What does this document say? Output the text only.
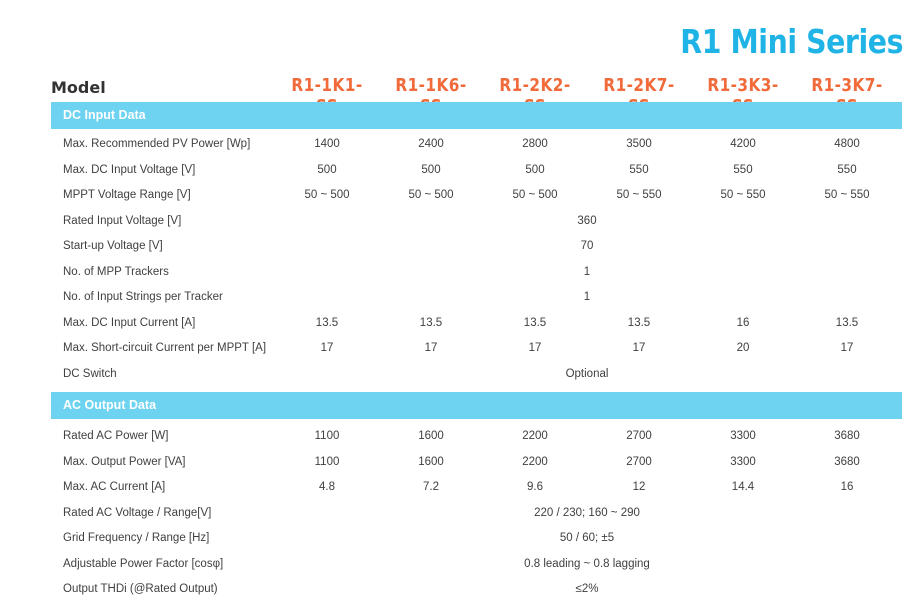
R1 Mini Series
Model	R1-1K1-	R1-1K6-	R1-2K2-	R1-2K7-	R1-3K3-	R1-3K7-
DC Input Data
Max. Recommended PV Power [Wp]	1400	2400	2800	3500	4200	4800
Max. DC Input Voltage [V]	500	500	500	550	550	550
MPPT Voltage Range [V]	50 ~ 500	50 ~ 500	50 ~ 500	50 ~ 550	50 ~ 550	50 ~ 550
Rated Input Voltage [V]	360
Start-up Voltage [V]	70
No. of MPP Trackers	1
No. of Input Strings per Tracker	1
Max. DC Input Current [A]	13.5	13.5	13.5	13.5	16	13.5
Max. Short-circuit Current per MPPT [A]	17	17	17	17	20	17
DC Switch	Optional
AC Output Data
Rated AC Power [W]	1100	1600	2200	2700	3300	3680
Max. Output Power [VA]	1100	1600	2200	2700	3300	3680
Max. AC Current [A]	4.8	7.2	9.6	12	14.4	16
Rated AC Voltage / Range[V]	220 / 230; 160 ~ 290
Grid Frequency / Range [Hz]	50 / 60; ±5
Adjustable Power Factor [cosφ]	0.8 leading ~ 0.8 lagging
Output THDi (@Rated Output)	≤2%
